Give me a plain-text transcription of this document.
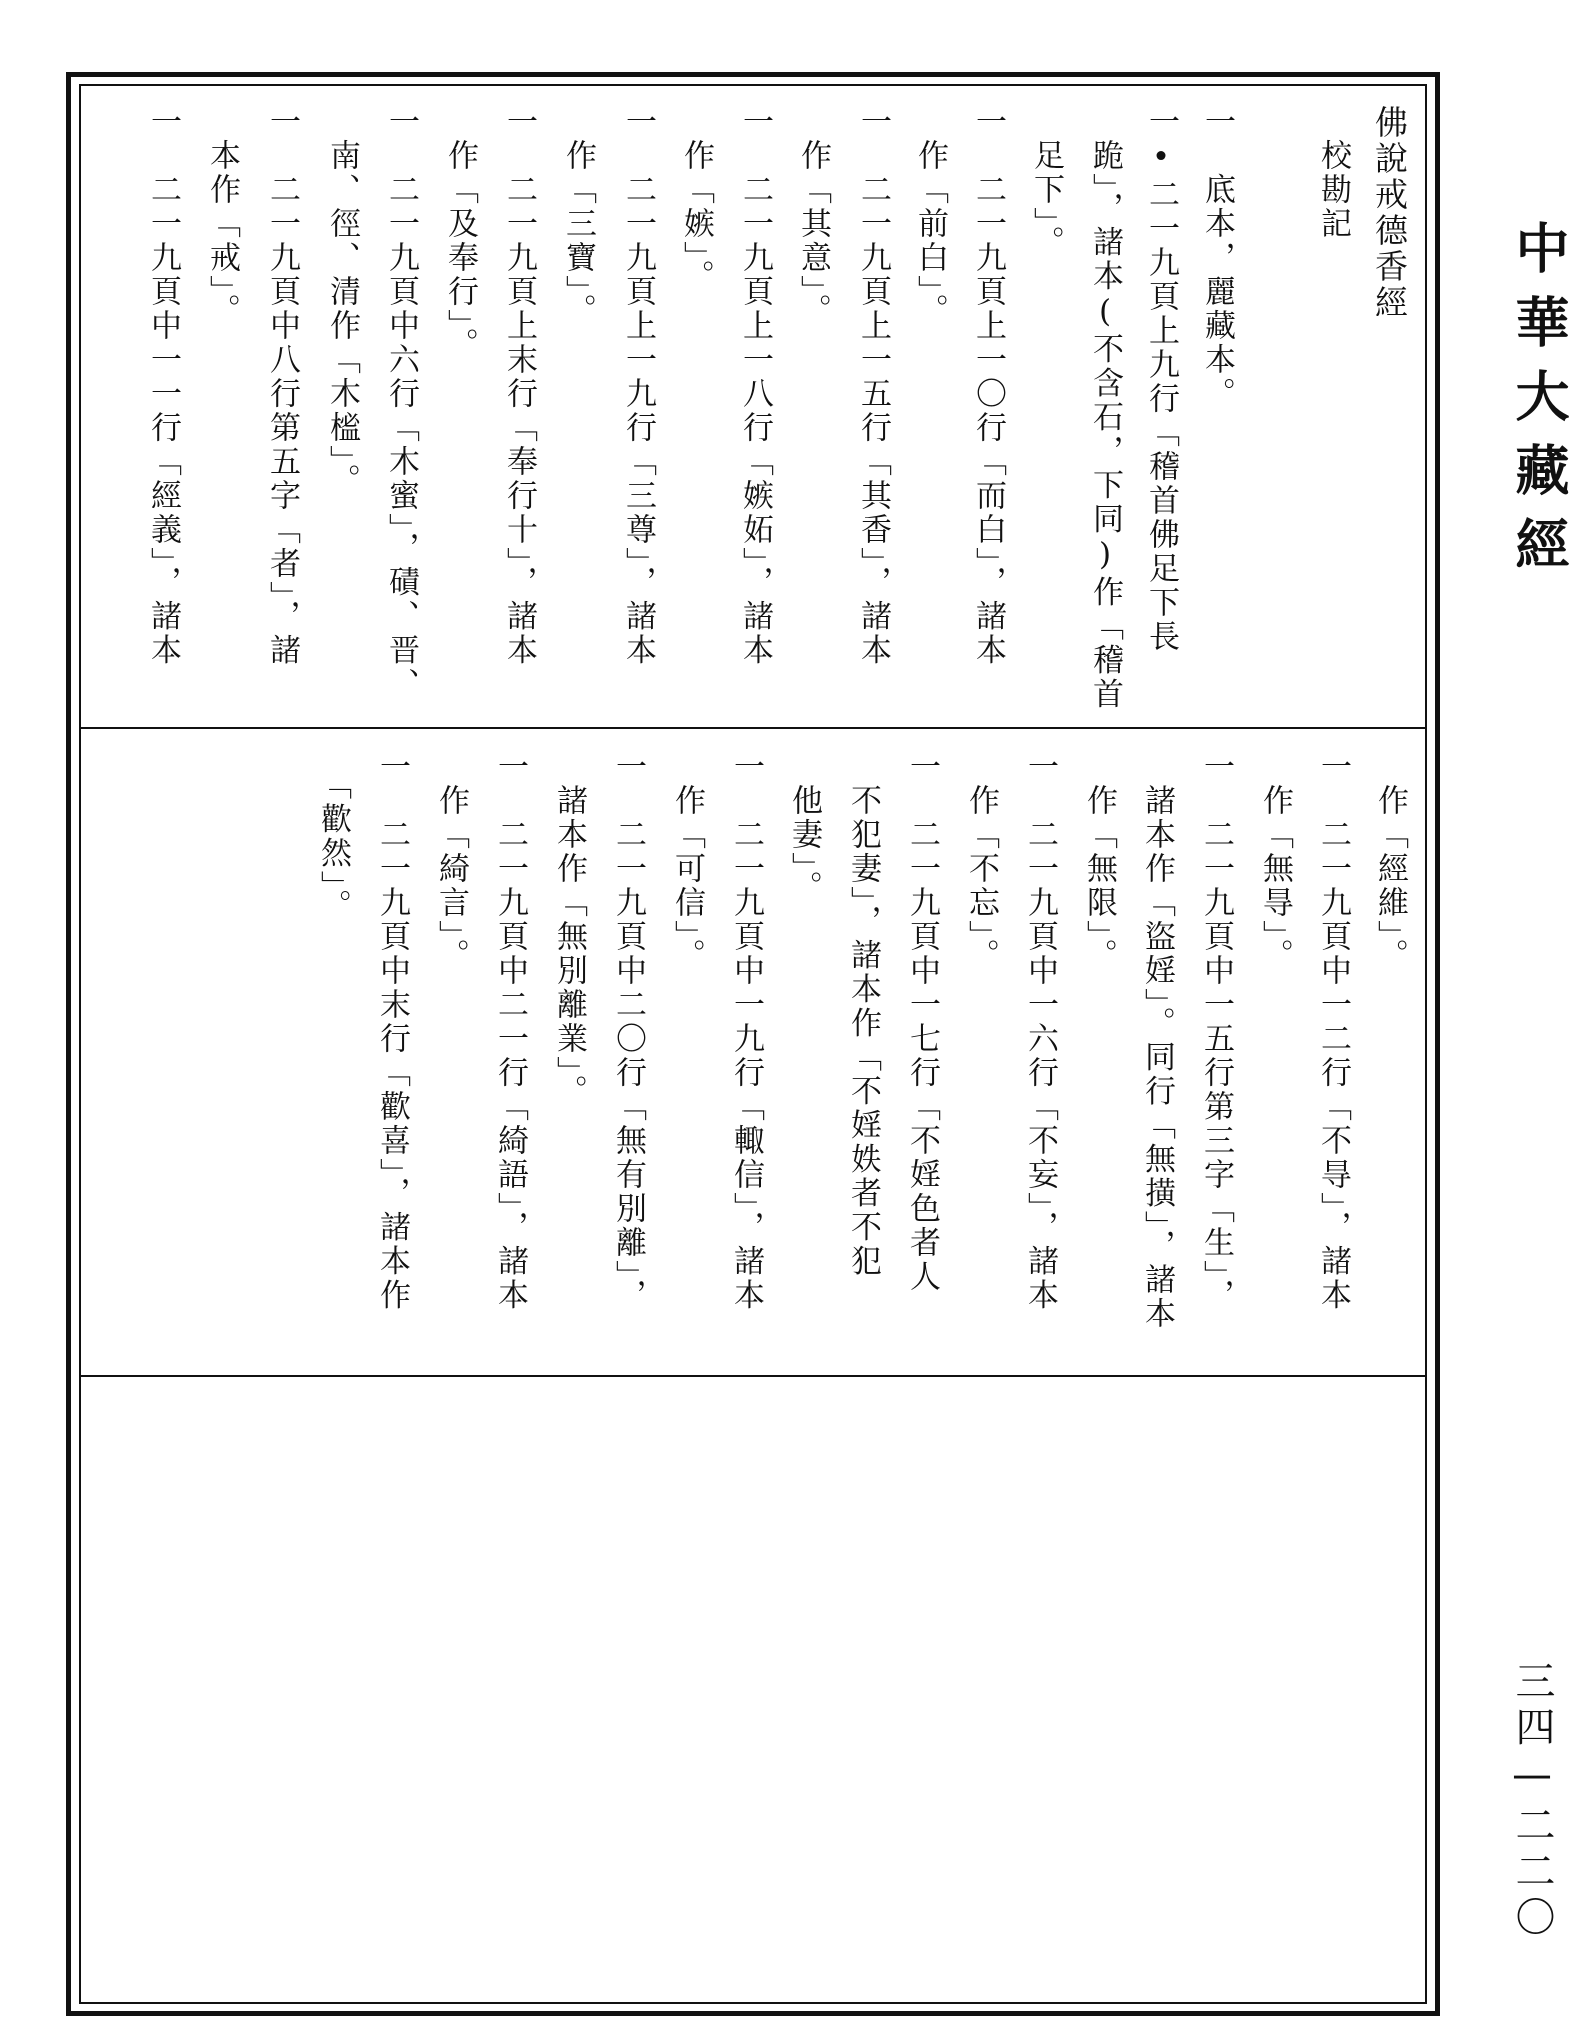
中華大藏經
三四—二二〇
佛說戒德香經
　校勘記
一　底本，麗藏本。
一•二一九頁上九行「稽首佛足下長
　跪」，諸本(不含石，下同)作「稽首
　足下」。
一　二一九頁上一〇行「而白」，諸本
　作「前白」。
一　二一九頁上一五行「其香」，諸本
　作「其意」。
一　二一九頁上一八行「嫉妬」，諸本
　作「嫉」。
一　二一九頁上一九行「三尊」，諸本
　作「三寶」。
一　二一九頁上末行「奉行十」，諸本
　作「及奉行」。
一　二一九頁中六行「木蜜」，磧、晋、
　南、徑、清作「木榓」。
一　二一九頁中八行第五字「者」，諸
　本作「戒」。
一　二一九頁中一一行「經義」，諸本
　作「經維」。
一　二一九頁中一二行「不㝵」，諸本
　作「無㝵」。
一　二一九頁中一五行第三字「生」，
　諸本作「盜婬」。同行「無撗」，諸本
　作「無限」。
一　二一九頁中一六行「不妄」，諸本
　作「不忘」。
一　二一九頁中一七行「不婬色者人
　不犯妻」，諸本作「不婬妷者不犯
　他妻」。
一　二一九頁中一九行「輙信」，諸本
　作「可信」。
一　二一九頁中二〇行「無有別離」，
　諸本作「無別離業」。
一　二一九頁中二一行「綺語」，諸本
　作「綺言」。
一　二一九頁中末行「歡喜」，諸本作
　「歡然」。
